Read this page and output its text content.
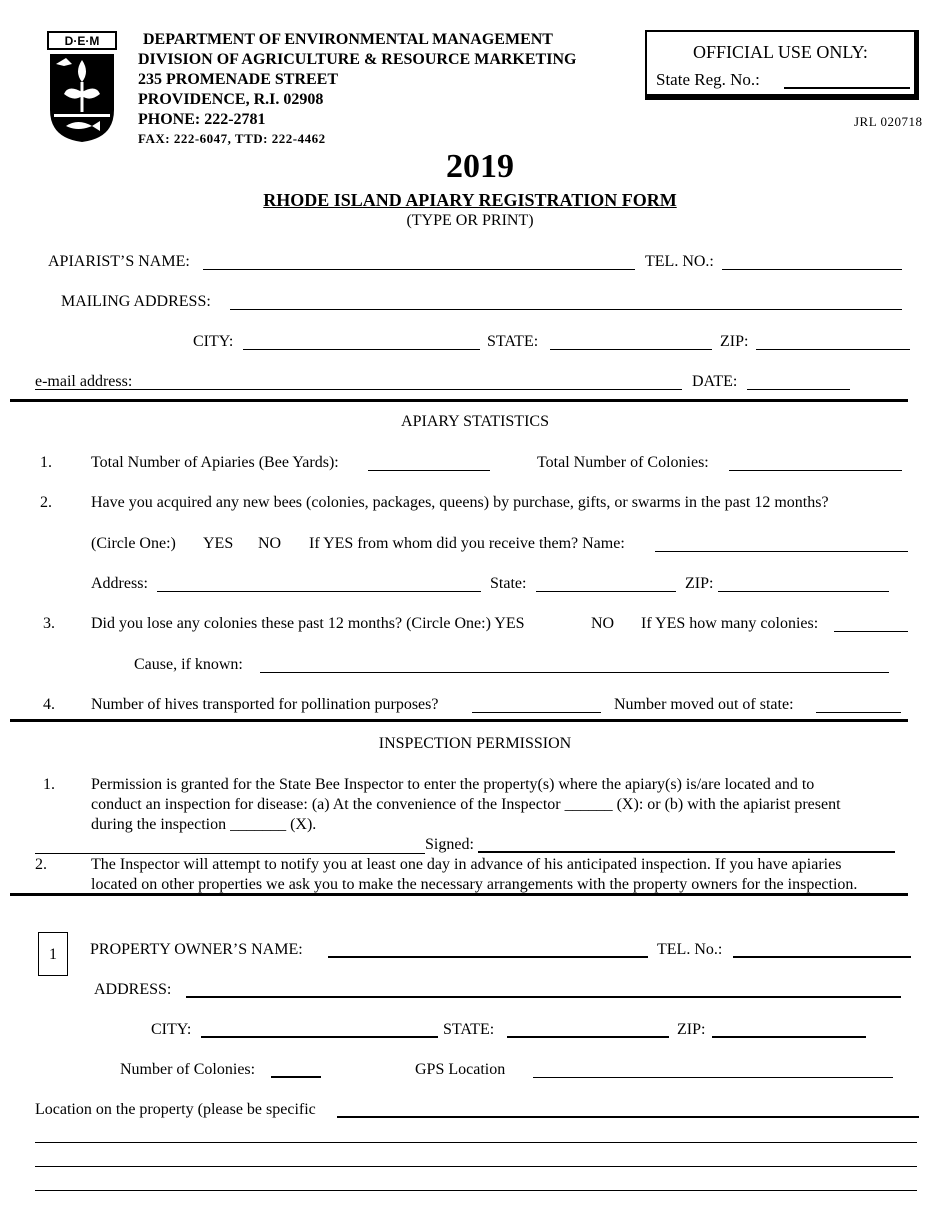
D·E·M	DEPARTMENT OF ENVIRONMENTAL MANAGEMENT
DIVISION OF AGRICULTURE & RESOURCE MARKETING
235 PROMENADE STREET
PROVIDENCE, R.I. 02908
PHONE: 222-2781
FAX: 222-6047, TTD: 222-4462
OFFICIAL USE ONLY:
State Reg. No.:
JRL 020718
2019
RHODE ISLAND APIARY REGISTRATION FORM
(TYPE OR PRINT)
APIARIST’S NAME:	TEL. NO.:
MAILING ADDRESS:
CITY:	STATE:	ZIP:
e-mail address:	DATE:
APIARY STATISTICS
1. Total Number of Apiaries (Bee Yards):	Total Number of Colonies:
2. Have you acquired any new bees (colonies, packages, queens) by purchase, gifts, or swarms in the past 12 months?
(Circle One:) YES NO If YES from whom did you receive them? Name:
Address:	State:	ZIP:
3. Did you lose any colonies these past 12 months? (Circle One:) YES	NO If YES how many colonies:
Cause, if known:
4. Number of hives transported for pollination purposes?	Number moved out of state:
INSPECTION PERMISSION
1. Permission is granted for the State Bee Inspector to enter the property(s) where the apiary(s) is/are located and to
conduct an inspection for disease: (a) At the convenience of the Inspector ______ (X): or (b) with the apiarist present
during the inspection _______ (X).
Signed:
2.	The Inspector will attempt to notify you at least one day in advance of his anticipated inspection. If you have apiaries
located on other properties we ask you to make the necessary arrangements with the property owners for the inspection.
1	PROPERTY OWNER’S NAME:	TEL. No.:
ADDRESS:
CITY:	STATE:	ZIP:
Number of Colonies:	GPS Location
Location on the property (please be specific
